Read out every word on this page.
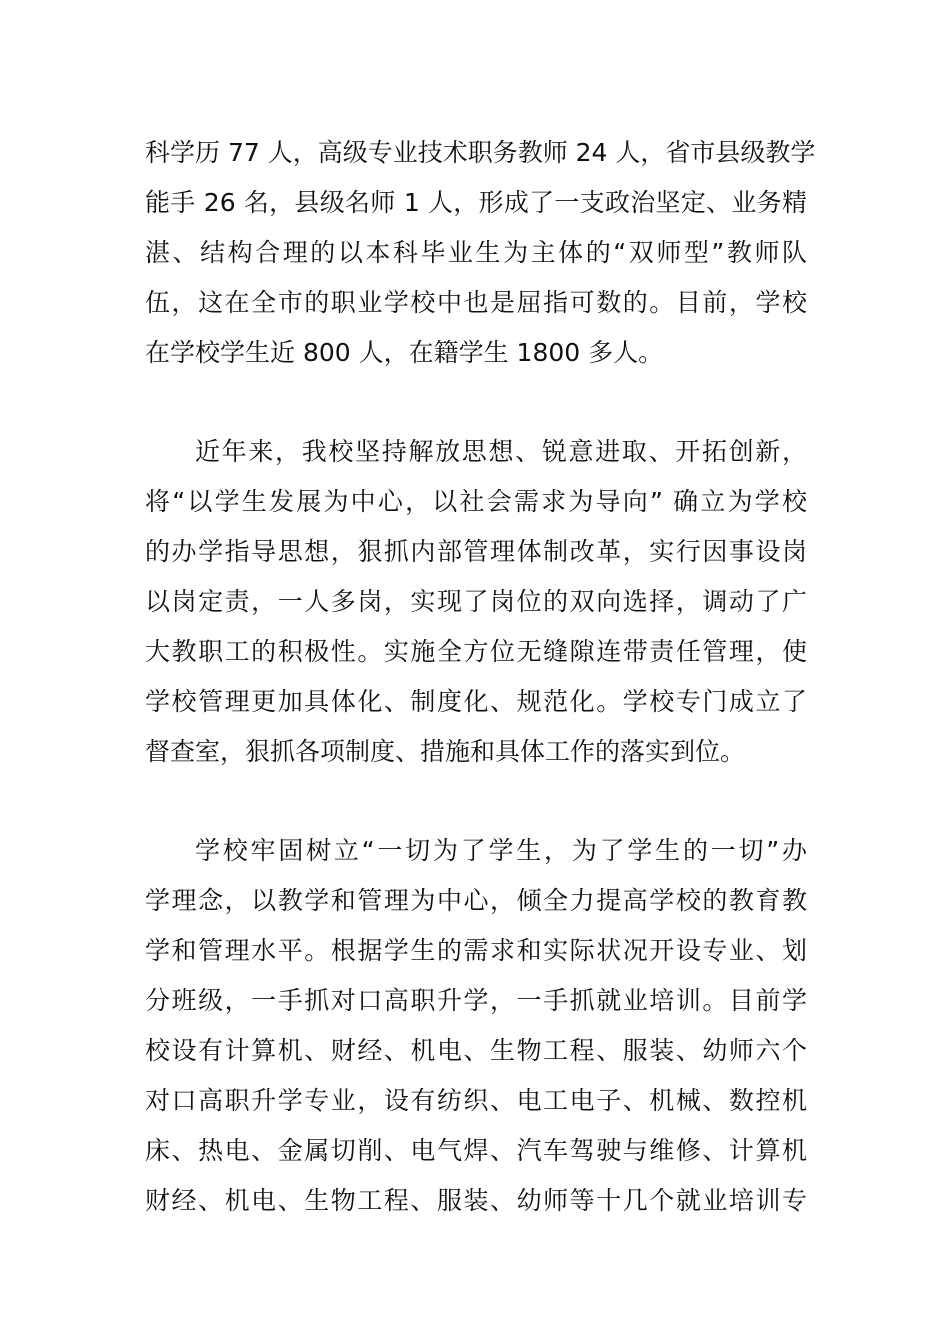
科学历 77 人，高级专业技术职务教师 24 人，省市县级教学
能手 26 名，县级名师 1 人，形成了一支政治坚定、业务精
湛、结构合理的以本科毕业生为主体的“双师型”教师队
伍，这在全市的职业学校中也是屈指可数的。目前，学校
在学校学生近 800 人，在籍学生 1800 多人。
近年来，我校坚持解放思想、锐意进取、开拓创新，
将“以学生发展为中心，以社会需求为导向” 确立为学校
的办学指导思想，狠抓内部管理体制改革，实行因事设岗
以岗定责，一人多岗，实现了岗位的双向选择，调动了广
大教职工的积极性。实施全方位无缝隙连带责任管理，使
学校管理更加具体化、制度化、规范化。学校专门成立了
督查室，狠抓各项制度、措施和具体工作的落实到位。
学校牢固树立“一切为了学生，为了学生的一切”办
学理念，以教学和管理为中心，倾全力提高学校的教育教
学和管理水平。根据学生的需求和实际状况开设专业、划
分班级，一手抓对口高职升学，一手抓就业培训。目前学
校设有计算机、财经、机电、生物工程、服装、幼师六个
对口高职升学专业，设有纺织、电工电子、机械、数控机
床、热电、金属切削、电气焊、汽车驾驶与维修、计算机
财经、机电、生物工程、服装、幼师等十几个就业培训专
